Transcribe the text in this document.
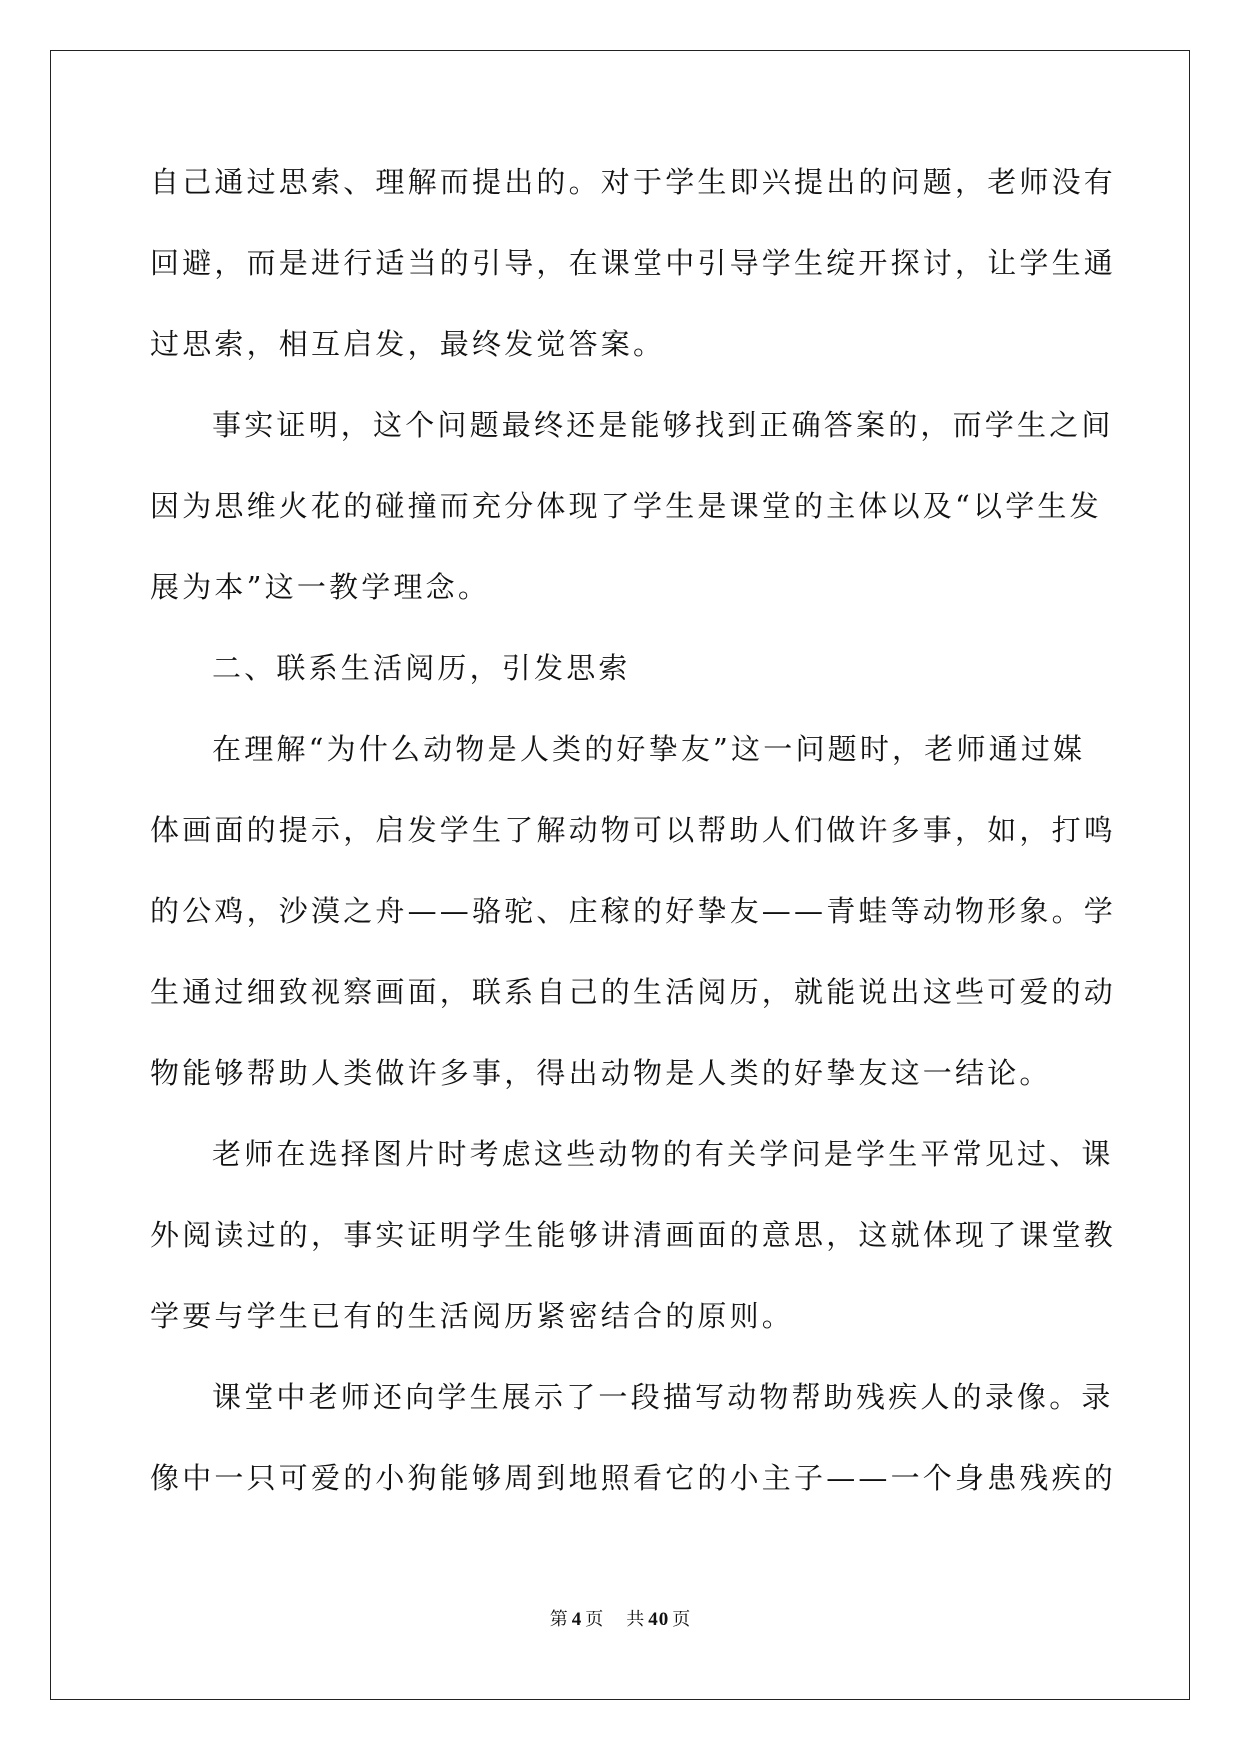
自己通过思索、理解而提出的。对于学生即兴提出的问题，老师没有
回避，而是进行适当的引导，在课堂中引导学生绽开探讨，让学生通
过思索，相互启发，最终发觉答案。
事实证明，这个问题最终还是能够找到正确答案的，而学生之间
因为思维火花的碰撞而充分体现了学生是课堂的主体以及“以学生发
展为本”这一教学理念。
二、联系生活阅历，引发思索
在理解“为什么动物是人类的好挚友”这一问题时，老师通过媒
体画面的提示，启发学生了解动物可以帮助人们做许多事，如，打鸣
的公鸡，沙漠之舟——骆驼、庄稼的好挚友——青蛙等动物形象。学
生通过细致视察画面，联系自己的生活阅历，就能说出这些可爱的动
物能够帮助人类做许多事，得出动物是人类的好挚友这一结论。
老师在选择图片时考虑这些动物的有关学问是学生平常见过、课
外阅读过的，事实证明学生能够讲清画面的意思，这就体现了课堂教
学要与学生已有的生活阅历紧密结合的原则。
课堂中老师还向学生展示了一段描写动物帮助残疾人的录像。录
像中一只可爱的小狗能够周到地照看它的小主子——一个身患残疾的
第 4 页 共 40 页
